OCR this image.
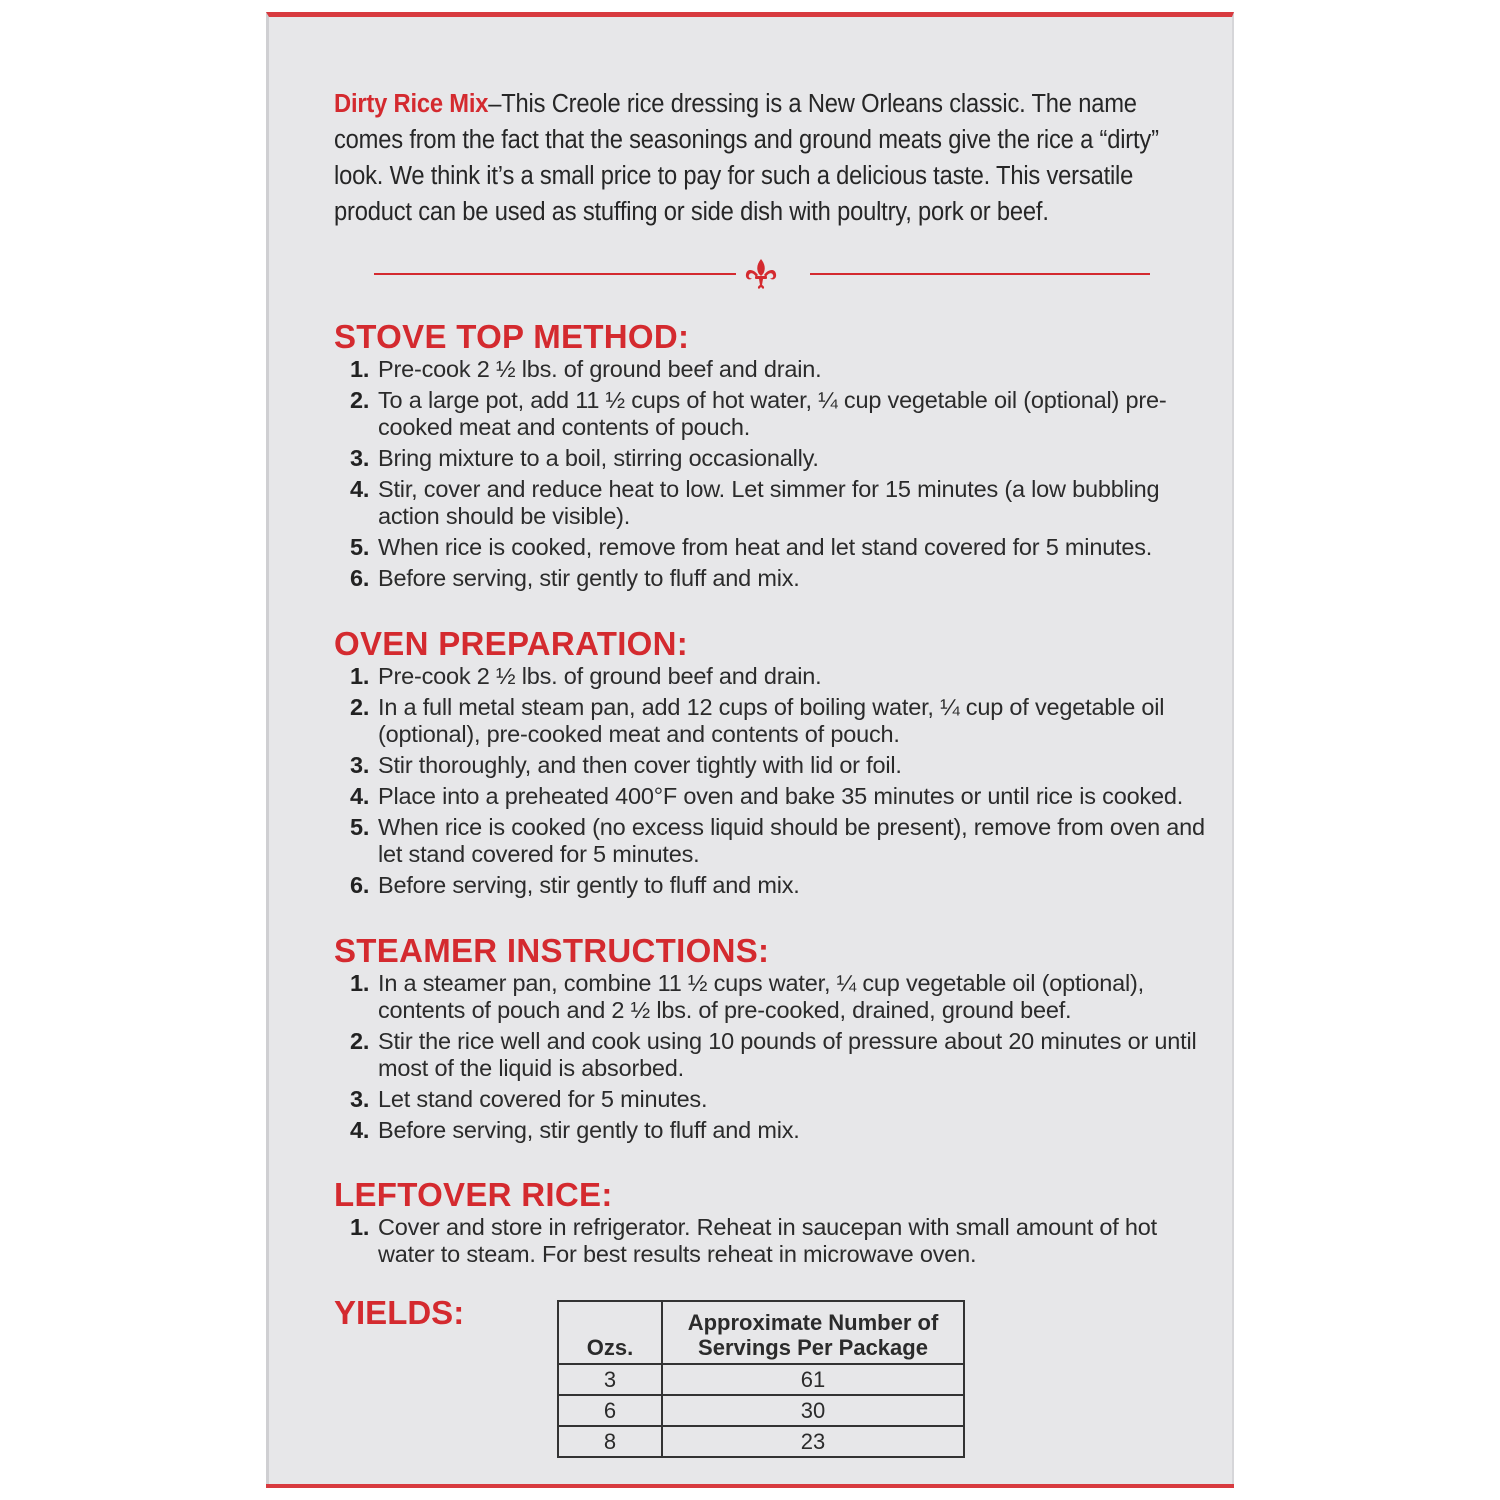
Dirty Rice Mix–This Creole rice dressing is a New Orleans classic. The name comes from the fact that the seasonings and ground meats give the rice a “dirty” look. We think it’s a small price to pay for such a delicious taste. This versatile product can be used as stuffing or side dish with poultry, pork or beef.

STOVE TOP METHOD:
1. Pre-cook 2 ½ lbs. of ground beef and drain.
2. To a large pot, add 11 ½ cups of hot water, ¼ cup vegetable oil (optional) pre-cooked meat and contents of pouch.
3. Bring mixture to a boil, stirring occasionally.
4. Stir, cover and reduce heat to low. Let simmer for 15 minutes (a low bubbling action should be visible).
5. When rice is cooked, remove from heat and let stand covered for 5 minutes.
6. Before serving, stir gently to fluff and mix.
OVEN PREPARATION:
1. Pre-cook 2 ½ lbs. of ground beef and drain.
2. In a full metal steam pan, add 12 cups of boiling water, ¼ cup of vegetable oil (optional), pre-cooked meat and contents of pouch.
3. Stir thoroughly, and then cover tightly with lid or foil.
4. Place into a preheated 400°F oven and bake 35 minutes or until rice is cooked.
5. When rice is cooked (no excess liquid should be present), remove from oven and let stand covered for 5 minutes.
6. Before serving, stir gently to fluff and mix.
STEAMER INSTRUCTIONS:
1. In a steamer pan, combine 11 ½ cups water, ¼ cup vegetable oil (optional), contents of pouch and 2 ½ lbs. of pre-cooked, drained, ground beef.
2. Stir the rice well and cook using 10 pounds of pressure about 20 minutes or until most of the liquid is absorbed.
3. Let stand covered for 5 minutes.
4. Before serving, stir gently to fluff and mix.
LEFTOVER RICE:
1. Cover and store in refrigerator. Reheat in saucepan with small amount of hot water to steam. For best results reheat in microwave oven.
YIELDS:
Ozs.	Approximate Number of Servings Per Package
3	61
6	30
8	23
